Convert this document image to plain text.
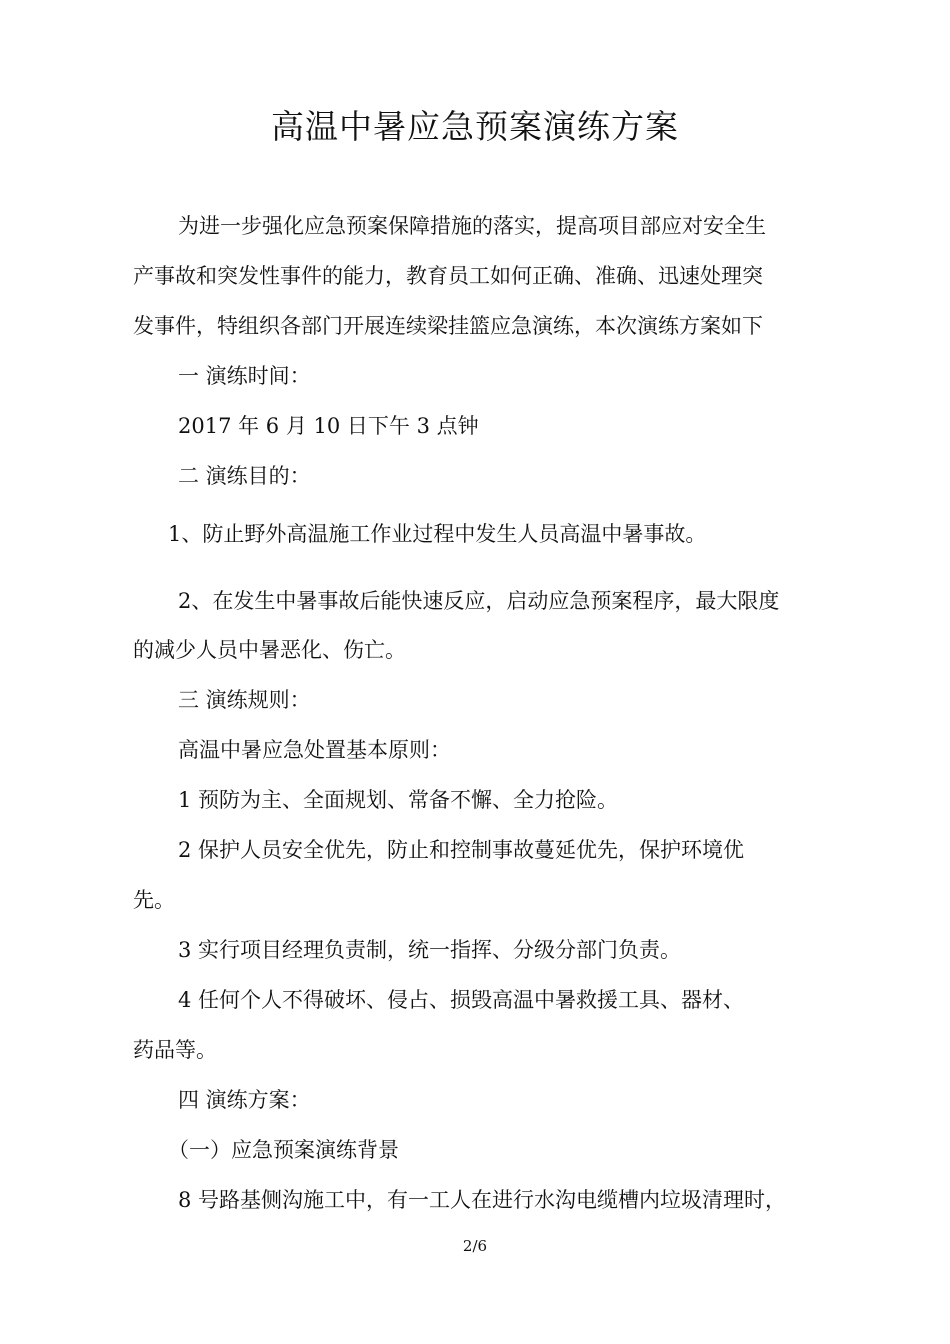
高温中暑应急预案演练方案
为进一步强化应急预案保障措施的落实，提高项目部应对安全生
产事故和突发性事件的能力，教育员工如何正确、准确、迅速处理突
发事件，特组织各部门开展连续梁挂篮应急演练，本次演练方案如下
一 演练时间：
2017 年 6 月 10 日下午 3 点钟
二 演练目的：
1、防止野外高温施工作业过程中发生人员高温中暑事故。
2、在发生中暑事故后能快速反应，启动应急预案程序，最大限度
的减少人员中暑恶化、伤亡。
三 演练规则：
高温中暑应急处置基本原则：
1 预防为主、全面规划、常备不懈、全力抢险。
2 保护人员安全优先，防止和控制事故蔓延优先，保护环境优
先。
3 实行项目经理负责制，统一指挥、分级分部门负责。
4 任何个人不得破坏、侵占、损毁高温中暑救援工具、器材、
药品等。
四 演练方案：
（一）应急预案演练背景
8 号路基侧沟施工中，有一工人在进行水沟电缆槽内垃圾清理时，
2/6
